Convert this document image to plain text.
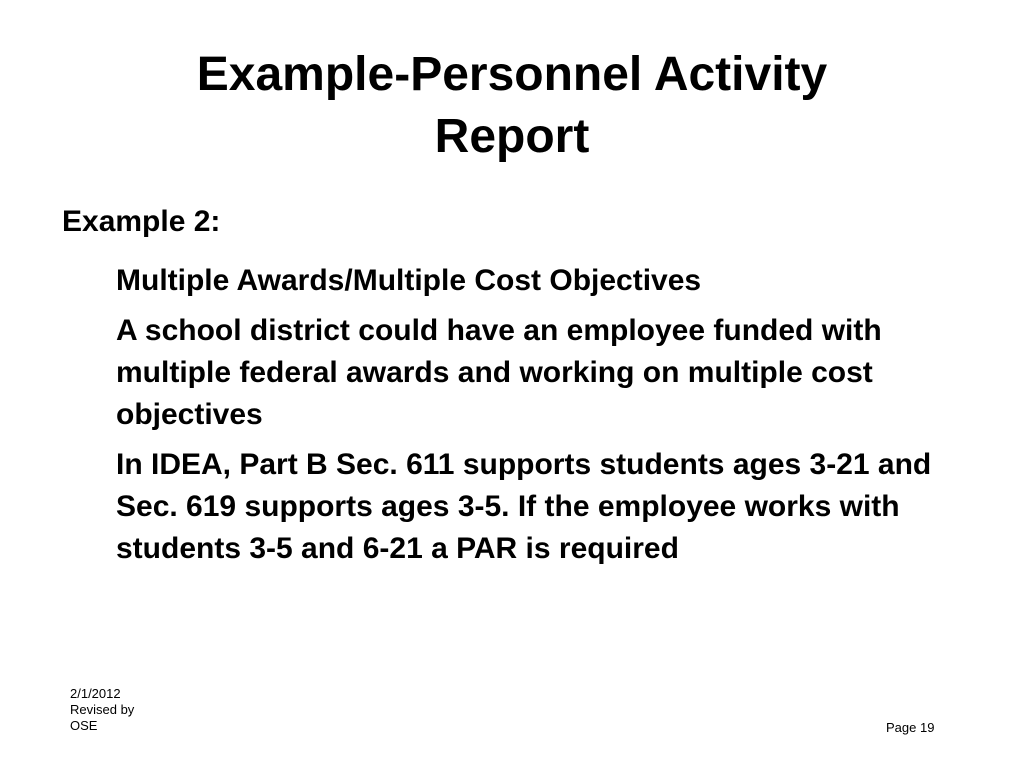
Example-Personnel Activity
Report
Example 2:

Multiple Awards/Multiple Cost Objectives

A school district could have an employee funded with multiple federal awards and working on multiple cost objectives

In IDEA, Part B Sec. 611 supports students ages 3-21 and Sec. 619 supports ages 3-5. If the employee works with students 3-5 and 6-21 a PAR is required

2/1/2012
Revised by
OSE	Page 19
